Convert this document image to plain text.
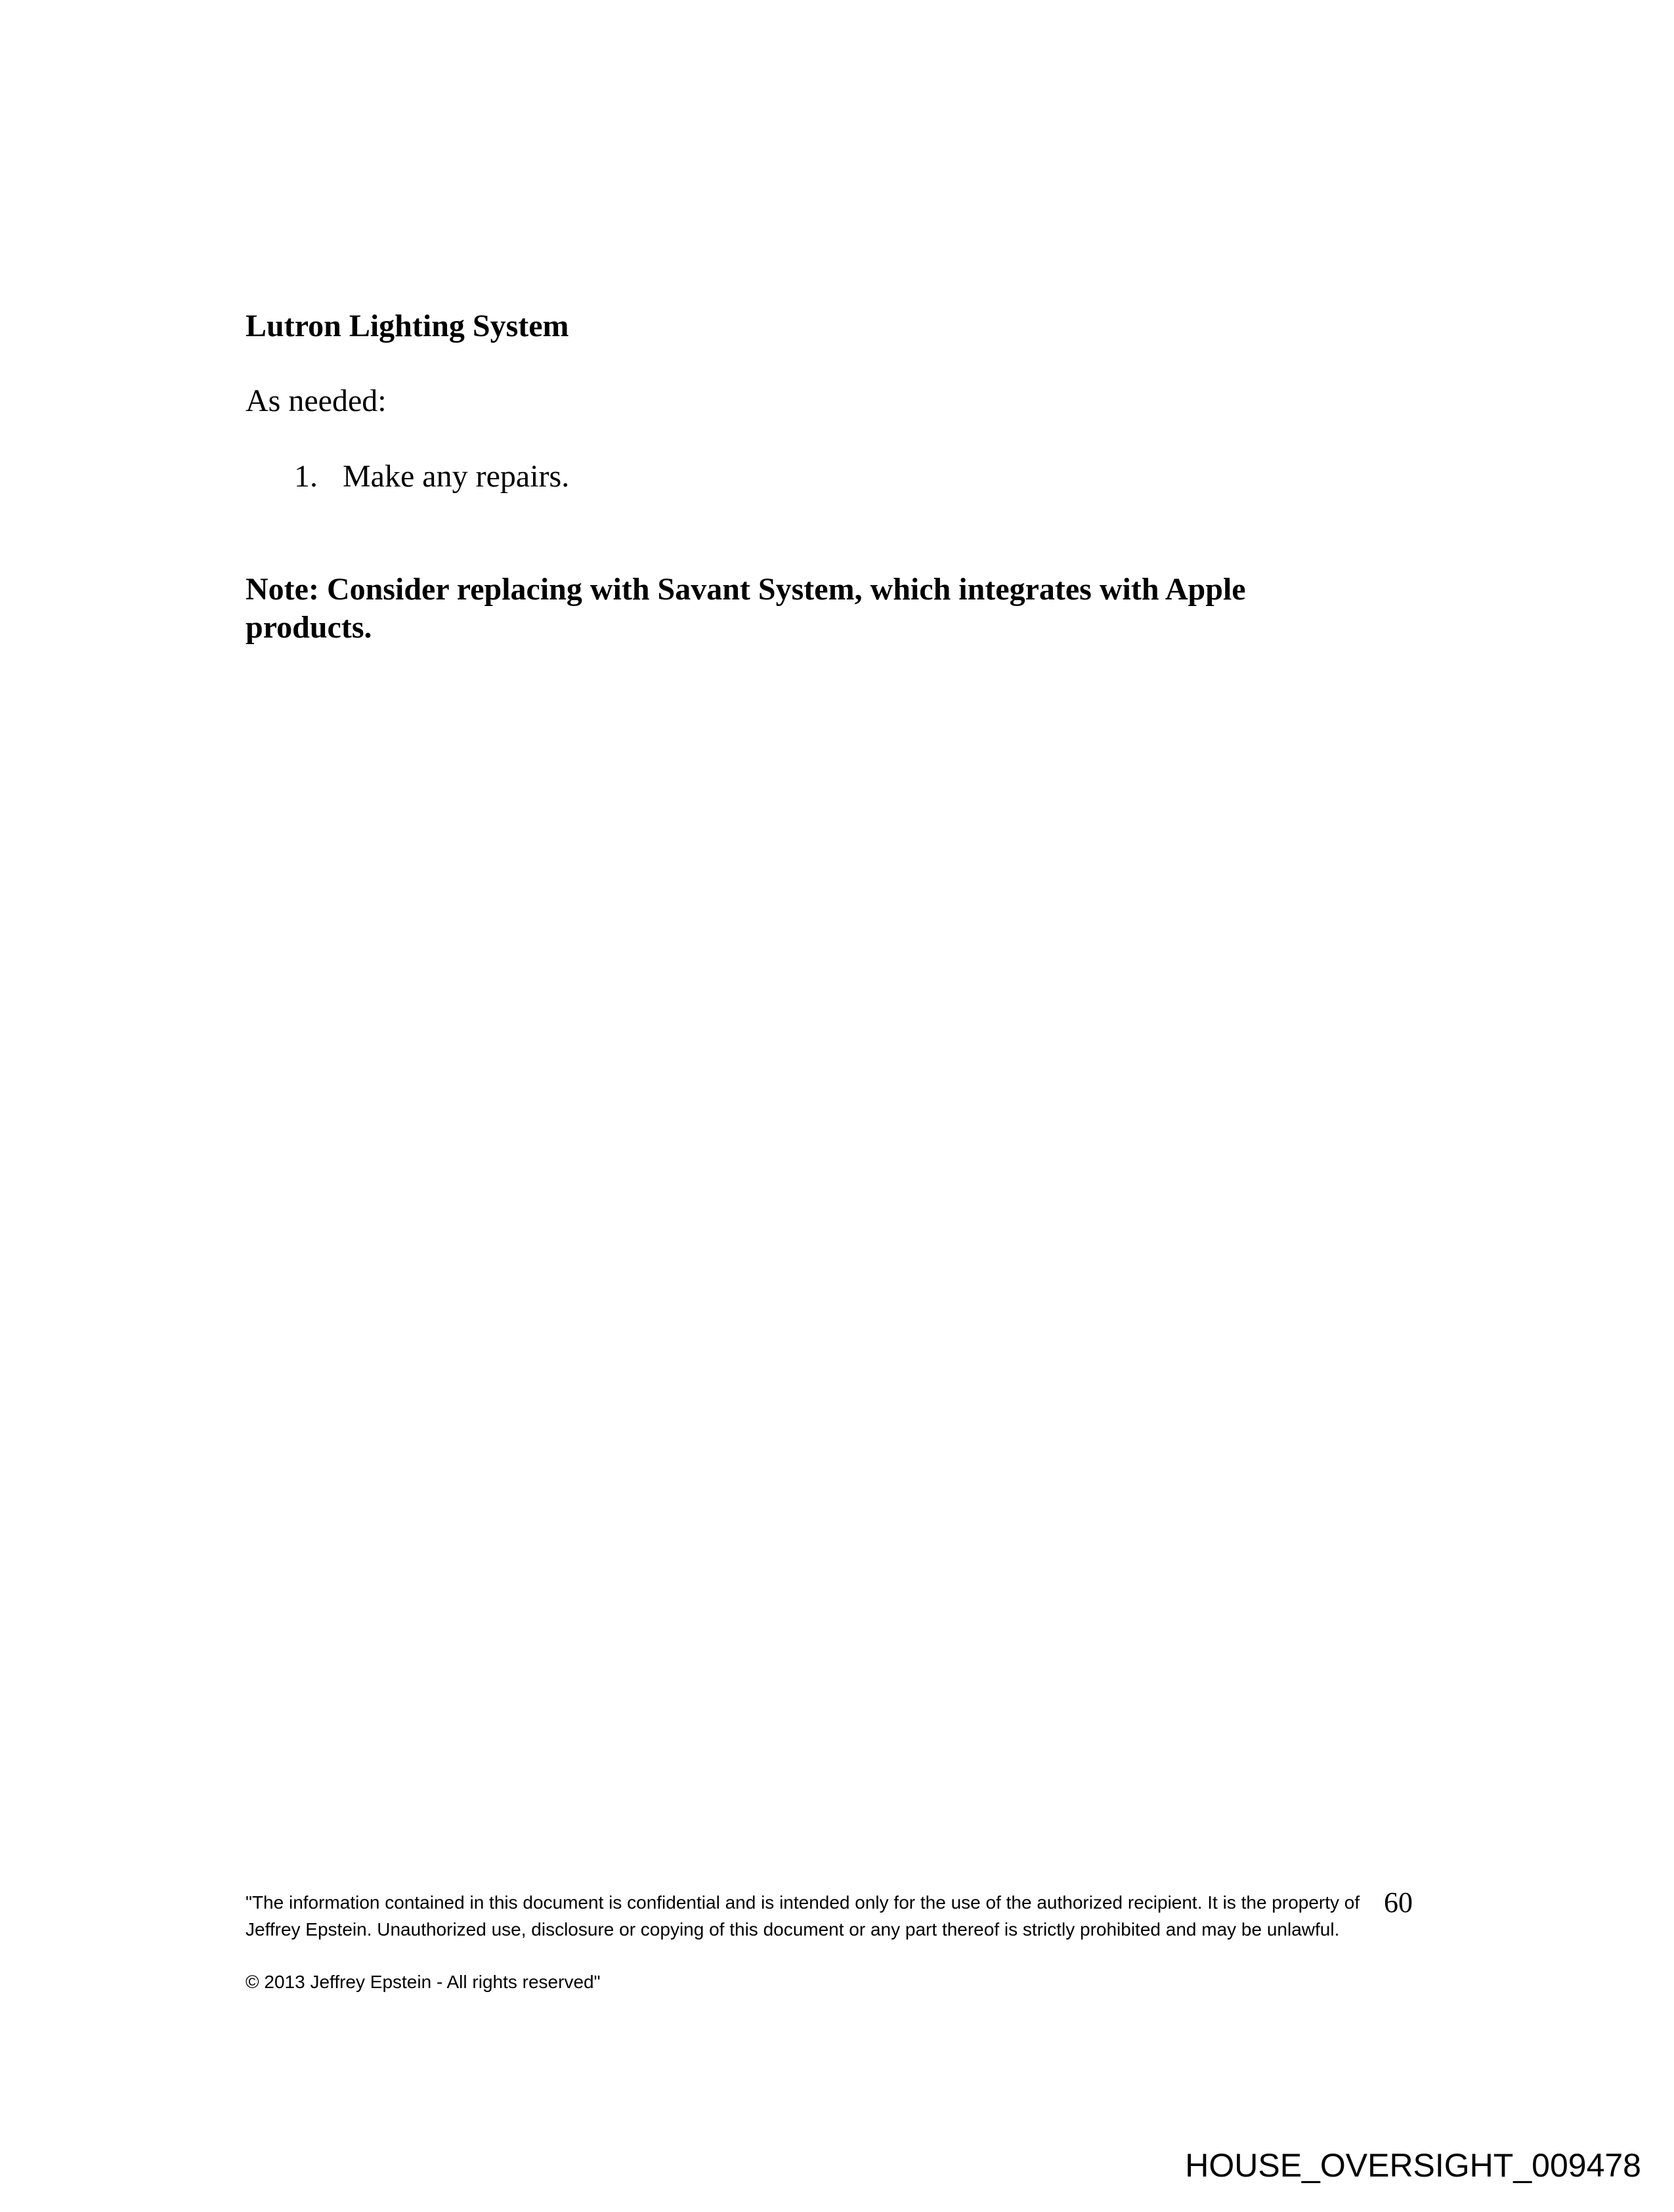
Lutron Lighting System
As needed:
1. Make any repairs.
Note: Consider replacing with Savant System, which integrates with Apple products.

"The information contained in this document is confidential and is intended only for the use of the authorized recipient. It is the property of Jeffrey Epstein. Unauthorized use, disclosure or copying of this document or any part thereof is strictly prohibited and may be unlawful.

© 2013 Jeffrey Epstein - All rights reserved"

60
HOUSE_OVERSIGHT_009478
